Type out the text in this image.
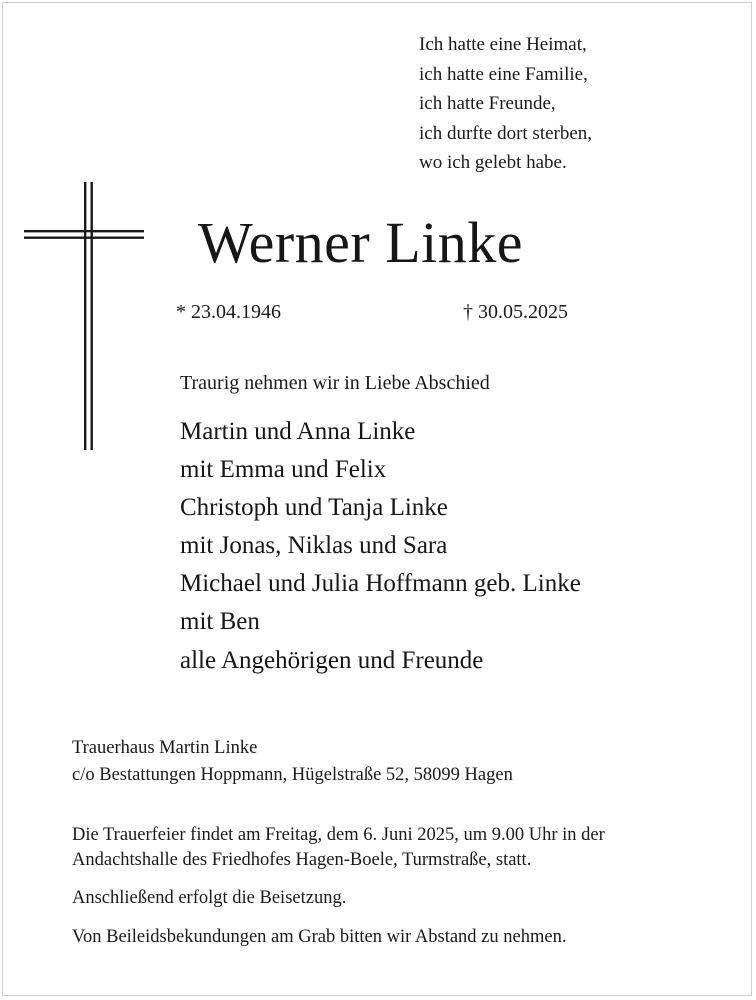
Ich hatte eine Heimat,
ich hatte eine Familie,
ich hatte Freunde,
ich durfte dort sterben,
wo ich gelebt habe.
Werner Linke
* 23.04.1946	† 30.05.2025
Traurig nehmen wir in Liebe Abschied
Martin und Anna Linke
mit Emma und Felix
Christoph und Tanja Linke
mit Jonas, Niklas und Sara
Michael und Julia Hoffmann geb. Linke
mit Ben
alle Angehörigen und Freunde
Trauerhaus Martin Linke
c/o Bestattungen Hoppmann, Hügelstraße 52, 58099 Hagen
Die Trauerfeier findet am Freitag, dem 6. Juni 2025, um 9.00 Uhr in der
Andachtshalle des Friedhofes Hagen-Boele, Turmstraße, statt.
Anschließend erfolgt die Beisetzung.
Von Beileidsbekundungen am Grab bitten wir Abstand zu nehmen.
